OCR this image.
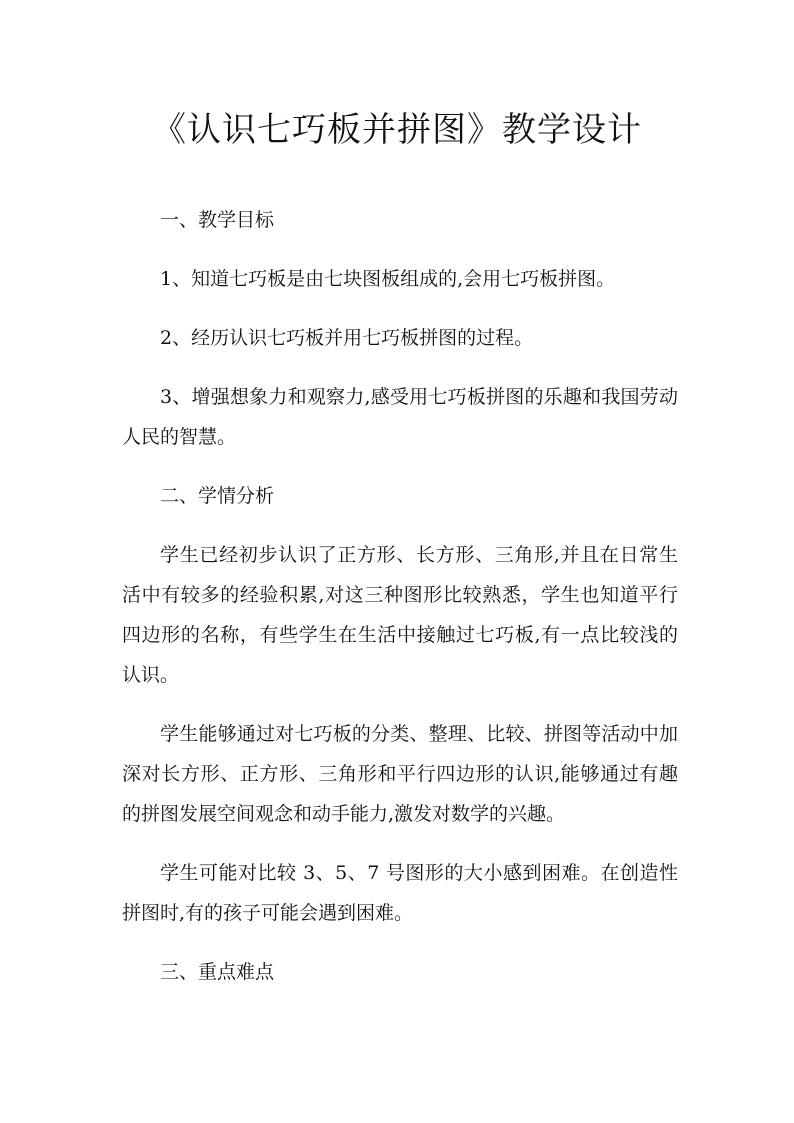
《认识七巧板并拼图》教学设计

一、教学目标

1、知道七巧板是由七块图板组成的,会用七巧板拼图。

2、经历认识七巧板并用七巧板拼图的过程。

3、增强想象力和观察力,感受用七巧板拼图的乐趣和我国劳动人民的智慧。

二、学情分析

学生已经初步认识了正方形、长方形、三角形,并且在日常生活中有较多的经验积累,对这三种图形比较熟悉，学生也知道平行四边形的名称，有些学生在生活中接触过七巧板,有一点比较浅的认识。

学生能够通过对七巧板的分类、整理、比较、拼图等活动中加深对长方形、正方形、三角形和平行四边形的认识,能够通过有趣的拼图发展空间观念和动手能力,激发对数学的兴趣。

学生可能对比较 3、5、7 号图形的大小感到困难。在创造性拼图时,有的孩子可能会遇到困难。

三、重点难点
